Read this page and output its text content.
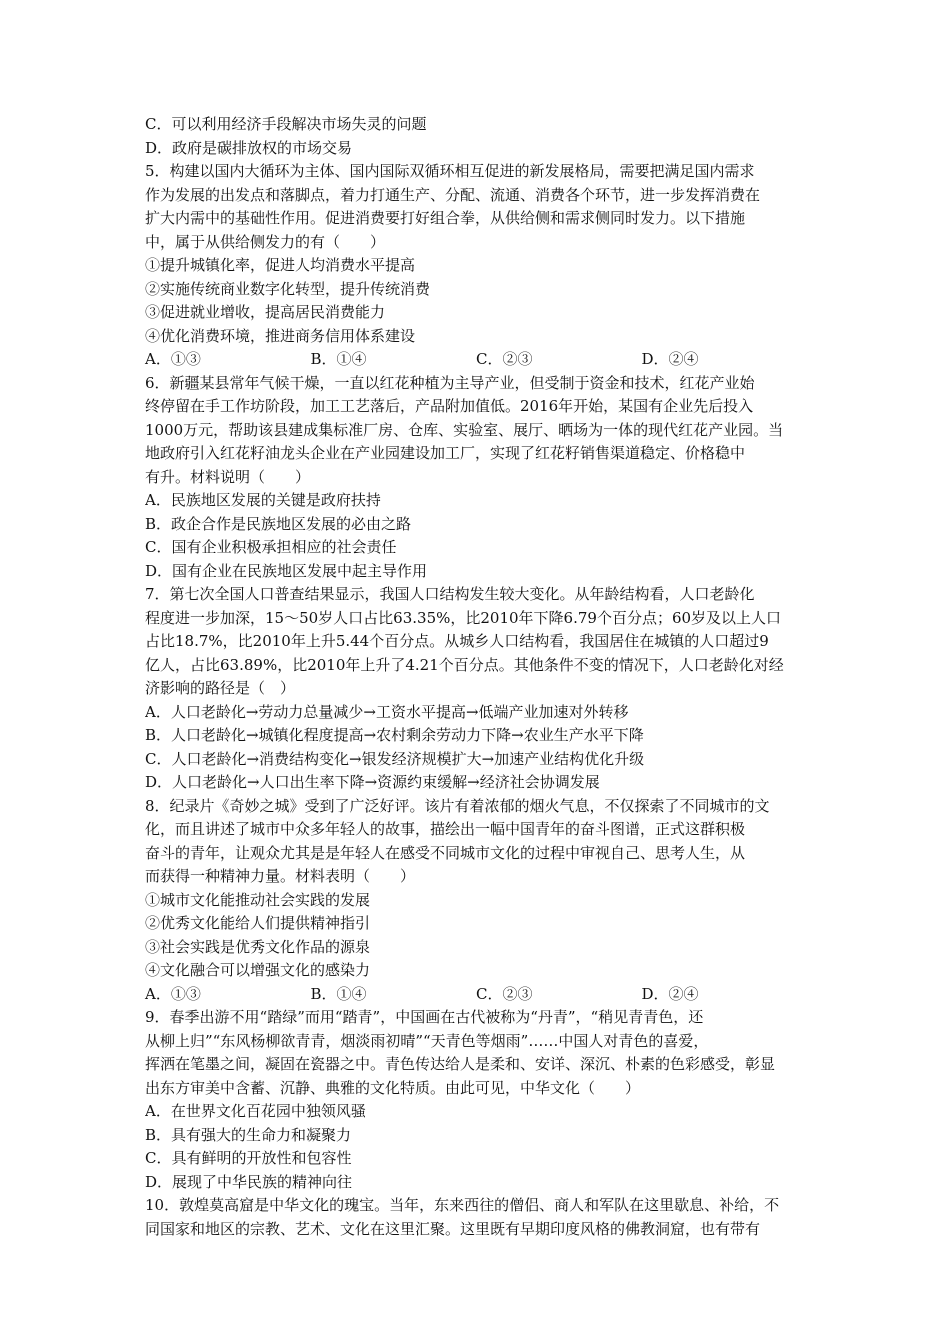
C．可以利用经济手段解决市场失灵的问题
D．政府是碳排放权的市场交易
5．构建以国内大循环为主体、国内国际双循环相互促进的新发展格局，需要把满足国内需求
作为发展的出发点和落脚点，着力打通生产、分配、流通、消费各个环节，进一步发挥消费在
扩大内需中的基础性作用。促进消费要打好组合拳，从供给侧和需求侧同时发力。以下措施
中，属于从供给侧发力的有（　　）
①提升城镇化率，促进人均消费水平提高
②实施传统商业数字化转型，提升传统消费
③促进就业增收，提高居民消费能力
④优化消费环境，推进商务信用体系建设
A．①③	B．①④	C．②③	D．②④
6．新疆某县常年气候干燥，一直以红花种植为主导产业，但受制于资金和技术，红花产业始
终停留在手工作坊阶段，加工工艺落后，产品附加值低。2016年开始，某国有企业先后投入
1000万元，帮助该县建成集标准厂房、仓库、实验室、展厅、晒场为一体的现代红花产业园。当
地政府引入红花籽油龙头企业在产业园建设加工厂，实现了红花籽销售渠道稳定、价格稳中
有升。材料说明（　　）
A．民族地区发展的关键是政府扶持
B．政企合作是民族地区发展的必由之路
C．国有企业积极承担相应的社会责任
D．国有企业在民族地区发展中起主导作用
7．第七次全国人口普查结果显示，我国人口结构发生较大变化。从年龄结构看，人口老龄化
程度进一步加深，15～50岁人口占比63.35%，比2010年下降6.79个百分点；60岁及以上人口
占比18.7%，比2010年上升5.44个百分点。从城乡人口结构看，我国居住在城镇的人口超过9
亿人，占比63.89%，比2010年上升了4.21个百分点。其他条件不变的情况下，人口老龄化对经
济影响的路径是（　）
A．人口老龄化→劳动力总量减少→工资水平提高→低端产业加速对外转移
B．人口老龄化→城镇化程度提高→农村剩余劳动力下降→农业生产水平下降
C．人口老龄化→消费结构变化→银发经济规模扩大→加速产业结构优化升级
D．人口老龄化→人口出生率下降→资源约束缓解→经济社会协调发展
8．纪录片《奇妙之城》受到了广泛好评。该片有着浓郁的烟火气息，不仅探索了不同城市的文
化，而且讲述了城市中众多年轻人的故事，描绘出一幅中国青年的奋斗图谱，正式这群积极
奋斗的青年，让观众尤其是是年轻人在感受不同城市文化的过程中审视自己、思考人生，从
而获得一种精神力量。材料表明（　　）
①城市文化能推动社会实践的发展
②优秀文化能给人们提供精神指引
③社会实践是优秀文化作品的源泉
④文化融合可以增强文化的感染力
A．①③	B．①④	C．②③	D．②④
9．春季出游不用“踏绿”而用“踏青”，中国画在古代被称为“丹青”，“稍见青青色，还
从柳上归”“东风杨柳欲青青，烟淡雨初晴”“天青色等烟雨”……中国人对青色的喜爱，
挥洒在笔墨之间，凝固在瓷器之中。青色传达给人是柔和、安详、深沉、朴素的色彩感受，彰显
出东方审美中含蓄、沉静、典雅的文化特质。由此可见，中华文化（　　）
A．在世界文化百花园中独领风骚
B．具有强大的生命力和凝聚力
C．具有鲜明的开放性和包容性
D．展现了中华民族的精神向往
10．敦煌莫高窟是中华文化的瑰宝。当年，东来西往的僧侣、商人和军队在这里歇息、补给，不
同国家和地区的宗教、艺术、文化在这里汇聚。这里既有早期印度风格的佛教洞窟，也有带有
